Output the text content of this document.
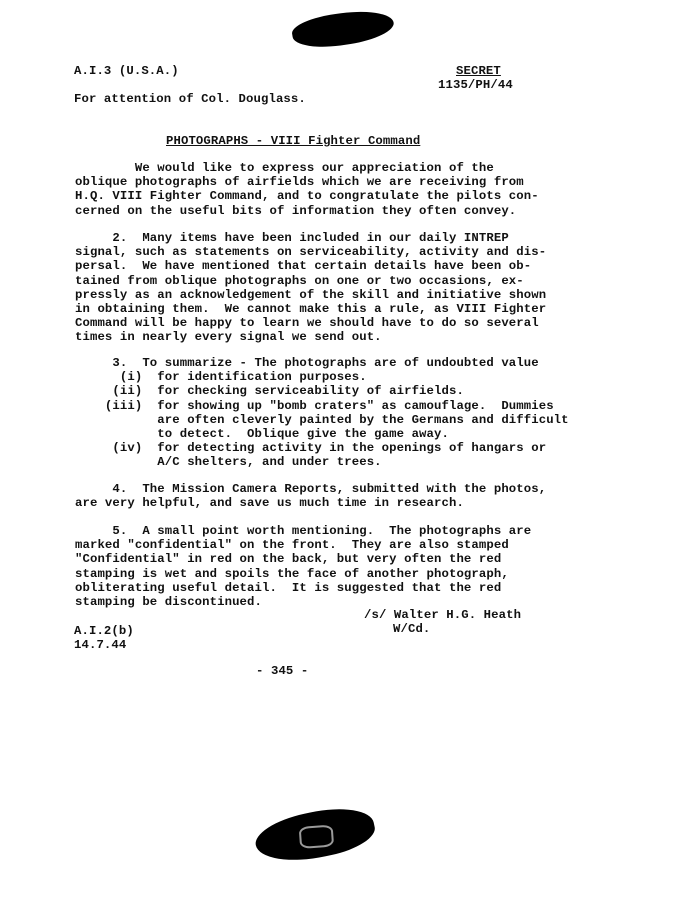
A.I.3 (U.S.A.)	SECRET
1135/PH/44
For attention of Col. Douglass.
PHOTOGRAPHS - VIII Fighter Command
We would like to express our appreciation of the
oblique photographs of airfields which we are receiving from
H.Q. VIII Fighter Command, and to congratulate the pilots con-
cerned on the useful bits of information they often convey.
2.  Many items have been included in our daily INTREP
signal, such as statements on serviceability, activity and dis-
persal.  We have mentioned that certain details have been ob-
tained from oblique photographs on one or two occasions, ex-
pressly as an acknowledgement of the skill and initiative shown
in obtaining them.  We cannot make this a rule, as VIII Fighter
Command will be happy to learn we should have to do so several
times in nearly every signal we send out.
3.  To summarize - The photographs are of undoubted value
(i)  for identification purposes.
(ii)  for checking serviceability of airfields.
(iii)  for showing up "bomb craters" as camouflage.  Dummies
are often cleverly painted by the Germans and difficult
to detect.  Oblique give the game away.
(iv)  for detecting activity in the openings of hangars or
A/C shelters, and under trees.
4.  The Mission Camera Reports, submitted with the photos,
are very helpful, and save us much time in research.
5.  A small point worth mentioning.  The photographs are
marked "confidential" on the front.  They are also stamped
"Confidential" in red on the back, but very often the red
stamping is wet and spoils the face of another photograph,
obliterating useful detail.  It is suggested that the red
stamping be discontinued.
/s/ Walter H.G. Heath
W/Cd.
A.I.2(b)
14.7.44
- 345 -
